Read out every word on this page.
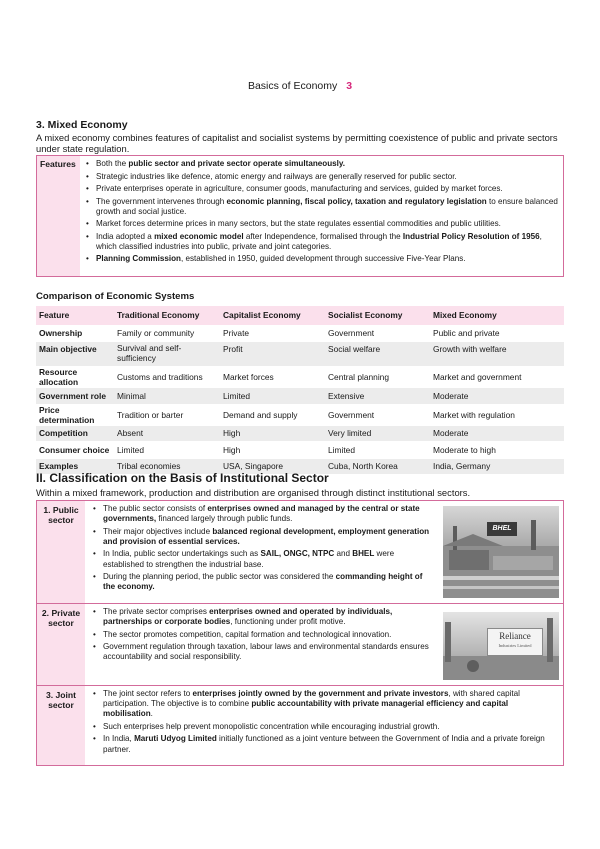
Basics of Economy 3
3. Mixed Economy
A mixed economy combines features of capitalist and socialist systems by permitting coexistence of public and private sectors under state regulation.
Features	• Both the public sector and private sector operate simultaneously.
• Strategic industries like defence, atomic energy and railways are generally reserved for public sector.
• Private enterprises operate in agriculture, consumer goods, manufacturing and services, guided by market forces.
• The government intervenes through economic planning, fiscal policy, taxation and regulatory legislation to ensure balanced growth and social justice.
• Market forces determine prices in many sectors, but the state regulates essential commodities and public utilities.
• India adopted a mixed economic model after Independence, formalised through the Industrial Policy Resolution of 1956, which classified industries into public, private and joint categories.
• Planning Commission, established in 1950, guided development through successive Five-Year Plans.
Comparison of Economic Systems
Feature	Traditional Economy	Capitalist Economy	Socialist Economy	Mixed Economy
Ownership	Family or community	Private	Government	Public and private
Main objective	Survival and self-sufficiency	Profit	Social welfare	Growth with welfare
Resource allocation	Customs and traditions	Market forces	Central planning	Market and government
Government role	Minimal	Limited	Extensive	Moderate
Price determination	Tradition or barter	Demand and supply	Government	Market with regulation
Competition	Absent	High	Very limited	Moderate
Consumer choice	Limited	High	Limited	Moderate to high
Examples	Tribal economies	USA, Singapore	Cuba, North Korea	India, Germany
II. Classification on the Basis of Institutional Sector
Within a mixed framework, production and distribution are organised through distinct institutional sectors.
1. Public
sector
• The public sector consists of enterprises owned and managed by the central or state governments, financed largely through public funds.
• Their major objectives include balanced regional development, employment generation and provision of essential services.
• In India, public sector undertakings such as SAIL, ONGC, NTPC and BHEL were established to strengthen the industrial base.
• During the planning period, the public sector was considered the commanding height of the economy.
BHEL
2. Private
sector
• The private sector comprises enterprises owned and operated by individuals, partnerships or corporate bodies, functioning under profit motive.
• The sector promotes competition, capital formation and technological innovation.
• Government regulation through taxation, labour laws and environmental standards ensures accountability and social responsibility.
Reliance
Industries Limited
3. Joint
sector
• The joint sector refers to enterprises jointly owned by the government and private investors, with shared capital participation. The objective is to combine public accountability with private managerial efficiency and capital mobilisation.
• Such enterprises help prevent monopolistic concentration while encouraging industrial growth.
• In India, Maruti Udyog Limited initially functioned as a joint venture between the Government of India and a private foreign partner.
